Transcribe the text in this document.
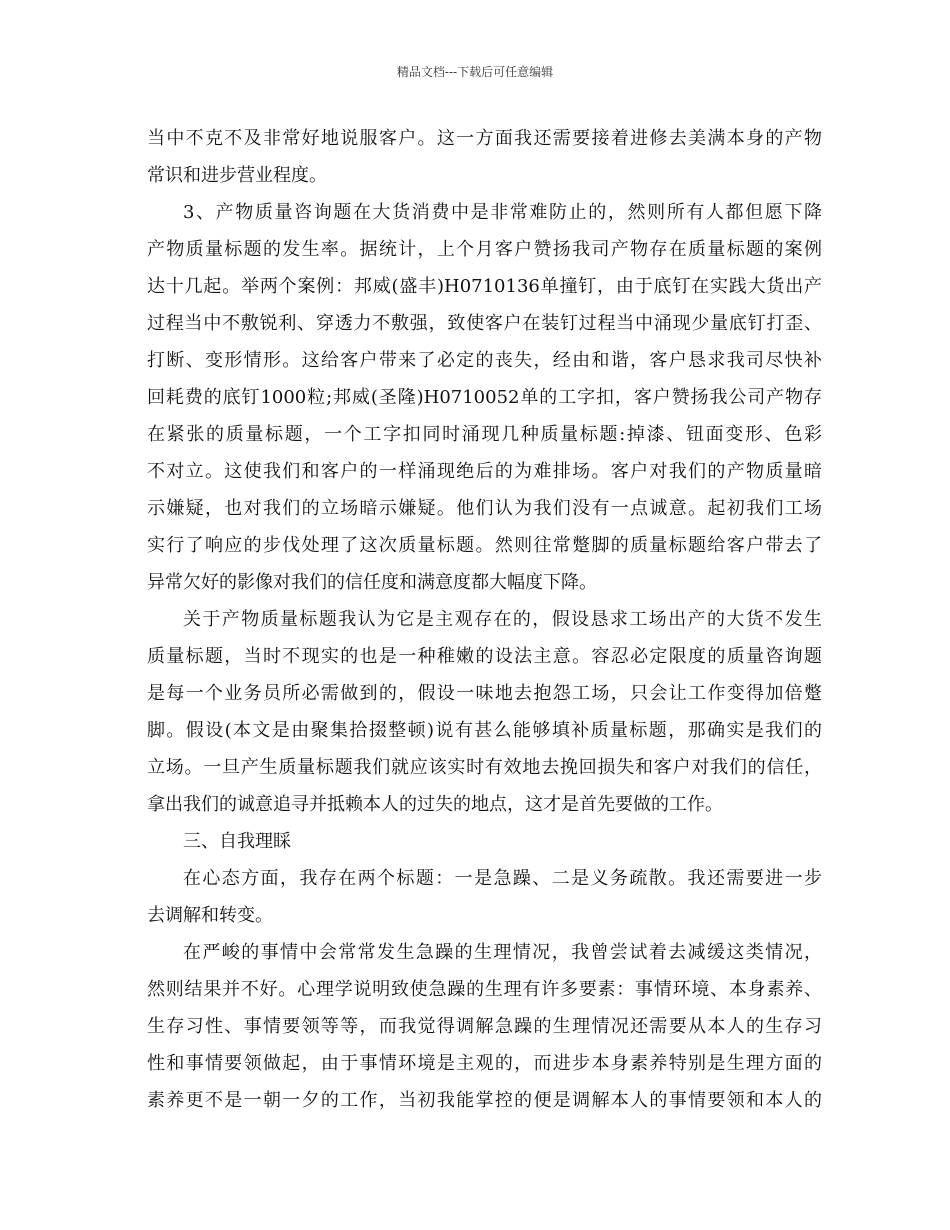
精品文档---下载后可任意编辑
当中不克不及非常好地说服客户。这一方面我还需要接着进修去美满本身的产物
常识和进步营业程度。
3、产物质量咨询题在大货消费中是非常难防止的，然则所有人都但愿下降
产物质量标题的发生率。据统计，上个月客户赞扬我司产物存在质量标题的案例
达十几起。举两个案例：邦威(盛丰)H0710136单撞钉，由于底钉在实践大货出产
过程当中不敷锐利、穿透力不敷强，致使客户在装钉过程当中涌现少量底钉打歪、
打断、变形情形。这给客户带来了必定的丧失，经由和谐，客户恳求我司尽快补
回耗费的底钉1000粒;邦威(圣隆)H0710052单的工字扣，客户赞扬我公司产物存
在紧张的质量标题，一个工字扣同时涌现几种质量标题:掉漆、钮面变形、色彩
不对立。这使我们和客户的一样涌现绝后的为难排场。客户对我们的产物质量暗
示嫌疑，也对我们的立场暗示嫌疑。他们认为我们没有一点诚意。起初我们工场
实行了响应的步伐处理了这次质量标题。然则往常蹩脚的质量标题给客户带去了
异常欠好的影像对我们的信任度和满意度都大幅度下降。
关于产物质量标题我认为它是主观存在的，假设恳求工场出产的大货不发生
质量标题，当时不现实的也是一种稚嫩的设法主意。容忍必定限度的质量咨询题
是每一个业务员所必需做到的，假设一味地去抱怨工场，只会让工作变得加倍蹩
脚。假设(本文是由聚集拾掇整顿)说有甚么能够填补质量标题，那确实是我们的
立场。一旦产生质量标题我们就应该实时有效地去挽回损失和客户对我们的信任，
拿出我们的诚意追寻并抵赖本人的过失的地点，这才是首先要做的工作。
三、自我理睬
在心态方面，我存在两个标题：一是急躁、二是义务疏散。我还需要进一步
去调解和转变。
在严峻的事情中会常常发生急躁的生理情况，我曾尝试着去减缓这类情况，
然则结果并不好。心理学说明致使急躁的生理有许多要素：事情环境、本身素养、
生存习性、事情要领等等，而我觉得调解急躁的生理情况还需要从本人的生存习
性和事情要领做起，由于事情环境是主观的，而进步本身素养特别是生理方面的
素养更不是一朝一夕的工作，当初我能掌控的便是调解本人的事情要领和本人的
